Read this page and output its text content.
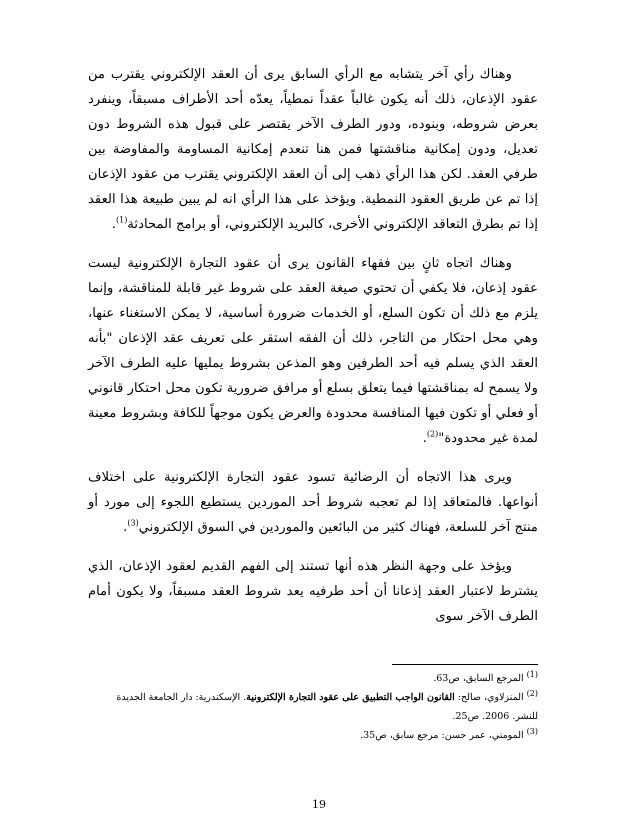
وهناك رأي آخر يتشابه مع الرأي السابق يرى أن العقد الإلكتروني يقترب من عقود الإذعان، ذلك أنه يكون غالباً عقداً نمطياً، يعدّه أحد الأطراف مسبقاً، وينفرد بعرض شروطه، وبنوده، ودور الطرف الآخر يقتصر على قبول هذه الشروط دون تعديل، ودون إمكانية مناقشتها فمن هنا تنعدم إمكانية المساومة والمفاوضة بين طرفي العقد. لكن هذا الرأي ذهب إلى أن العقد الإلكتروني يقترب من عقود الإذعان إذا تم عن طريق العقود النمطية. ويؤخذ على هذا الرأي انه لم يبين طبيعة هذا العقد إذا تم بطرق التعاقد الإلكتروني الأخرى، كالبريد الإلكتروني، أو برامج المحادثة$^{(1)}$.

وهناك اتجاه ثانٍ بين فقهاء القانون يرى أن عقود التجارة الإلكترونية ليست عقود إذعان، فلا يكفي أن تحتوي صيغة العقد على شروط غير قابلة للمناقشة، وإنما يلزم مع ذلك أن تكون السلع، أو الخدمات ضرورة أساسية، لا يمكن الاستغناء عنها، وهي محل احتكار من التاجر، ذلك أن الفقه استقر على تعريف عقد الإذعان "بأنه العقد الذي يسلم فيه أحد الطرفين وهو المذعن بشروط يمليها عليه الطرف الآخر ولا يسمح له بمناقشتها فيما يتعلق بسلع أو مرافق ضرورية تكون محل احتكار قانوني أو فعلي أو تكون فيها المنافسة محدودة والعرض يكون موجهاً للكافة وبشروط معينة لمدة غير محدودة"$^{(2)}$.

ويرى هذا الاتجاه أن الرضائية تسود عقود التجارة الإلكترونية على اختلاف أنواعها. فالمتعاقد إذا لم تعجبه شروط أحد الموردين يستطيع اللجوء إلى مورد أو منتج آخر للسلعة، فهناك كثير من البائعين والموردين في السوق الإلكتروني$^{(3)}$.

ويؤخذ على وجهة النظر هذه أنها تستند إلى الفهم القديم لعقود الإذعان، الذي يشترط لاعتبار العقد إذعانا أن أحد طرفيه يعد شروط العقد مسبقاً، ولا يكون أمام الطرف الآخر سوى

$^{(1)}$ المرجع السابق، ص63.

$^{(2)}$ المنزلاوي، صالح: القانون الواجب التطبيق على عقود التجارة الإلكترونية. الإسكندرية: دار الجامعة الجديدة للنشر. 2006. ص25.

$^{(3)}$ المومني، عمر حسن: مرجع سابق، ص35.

19
